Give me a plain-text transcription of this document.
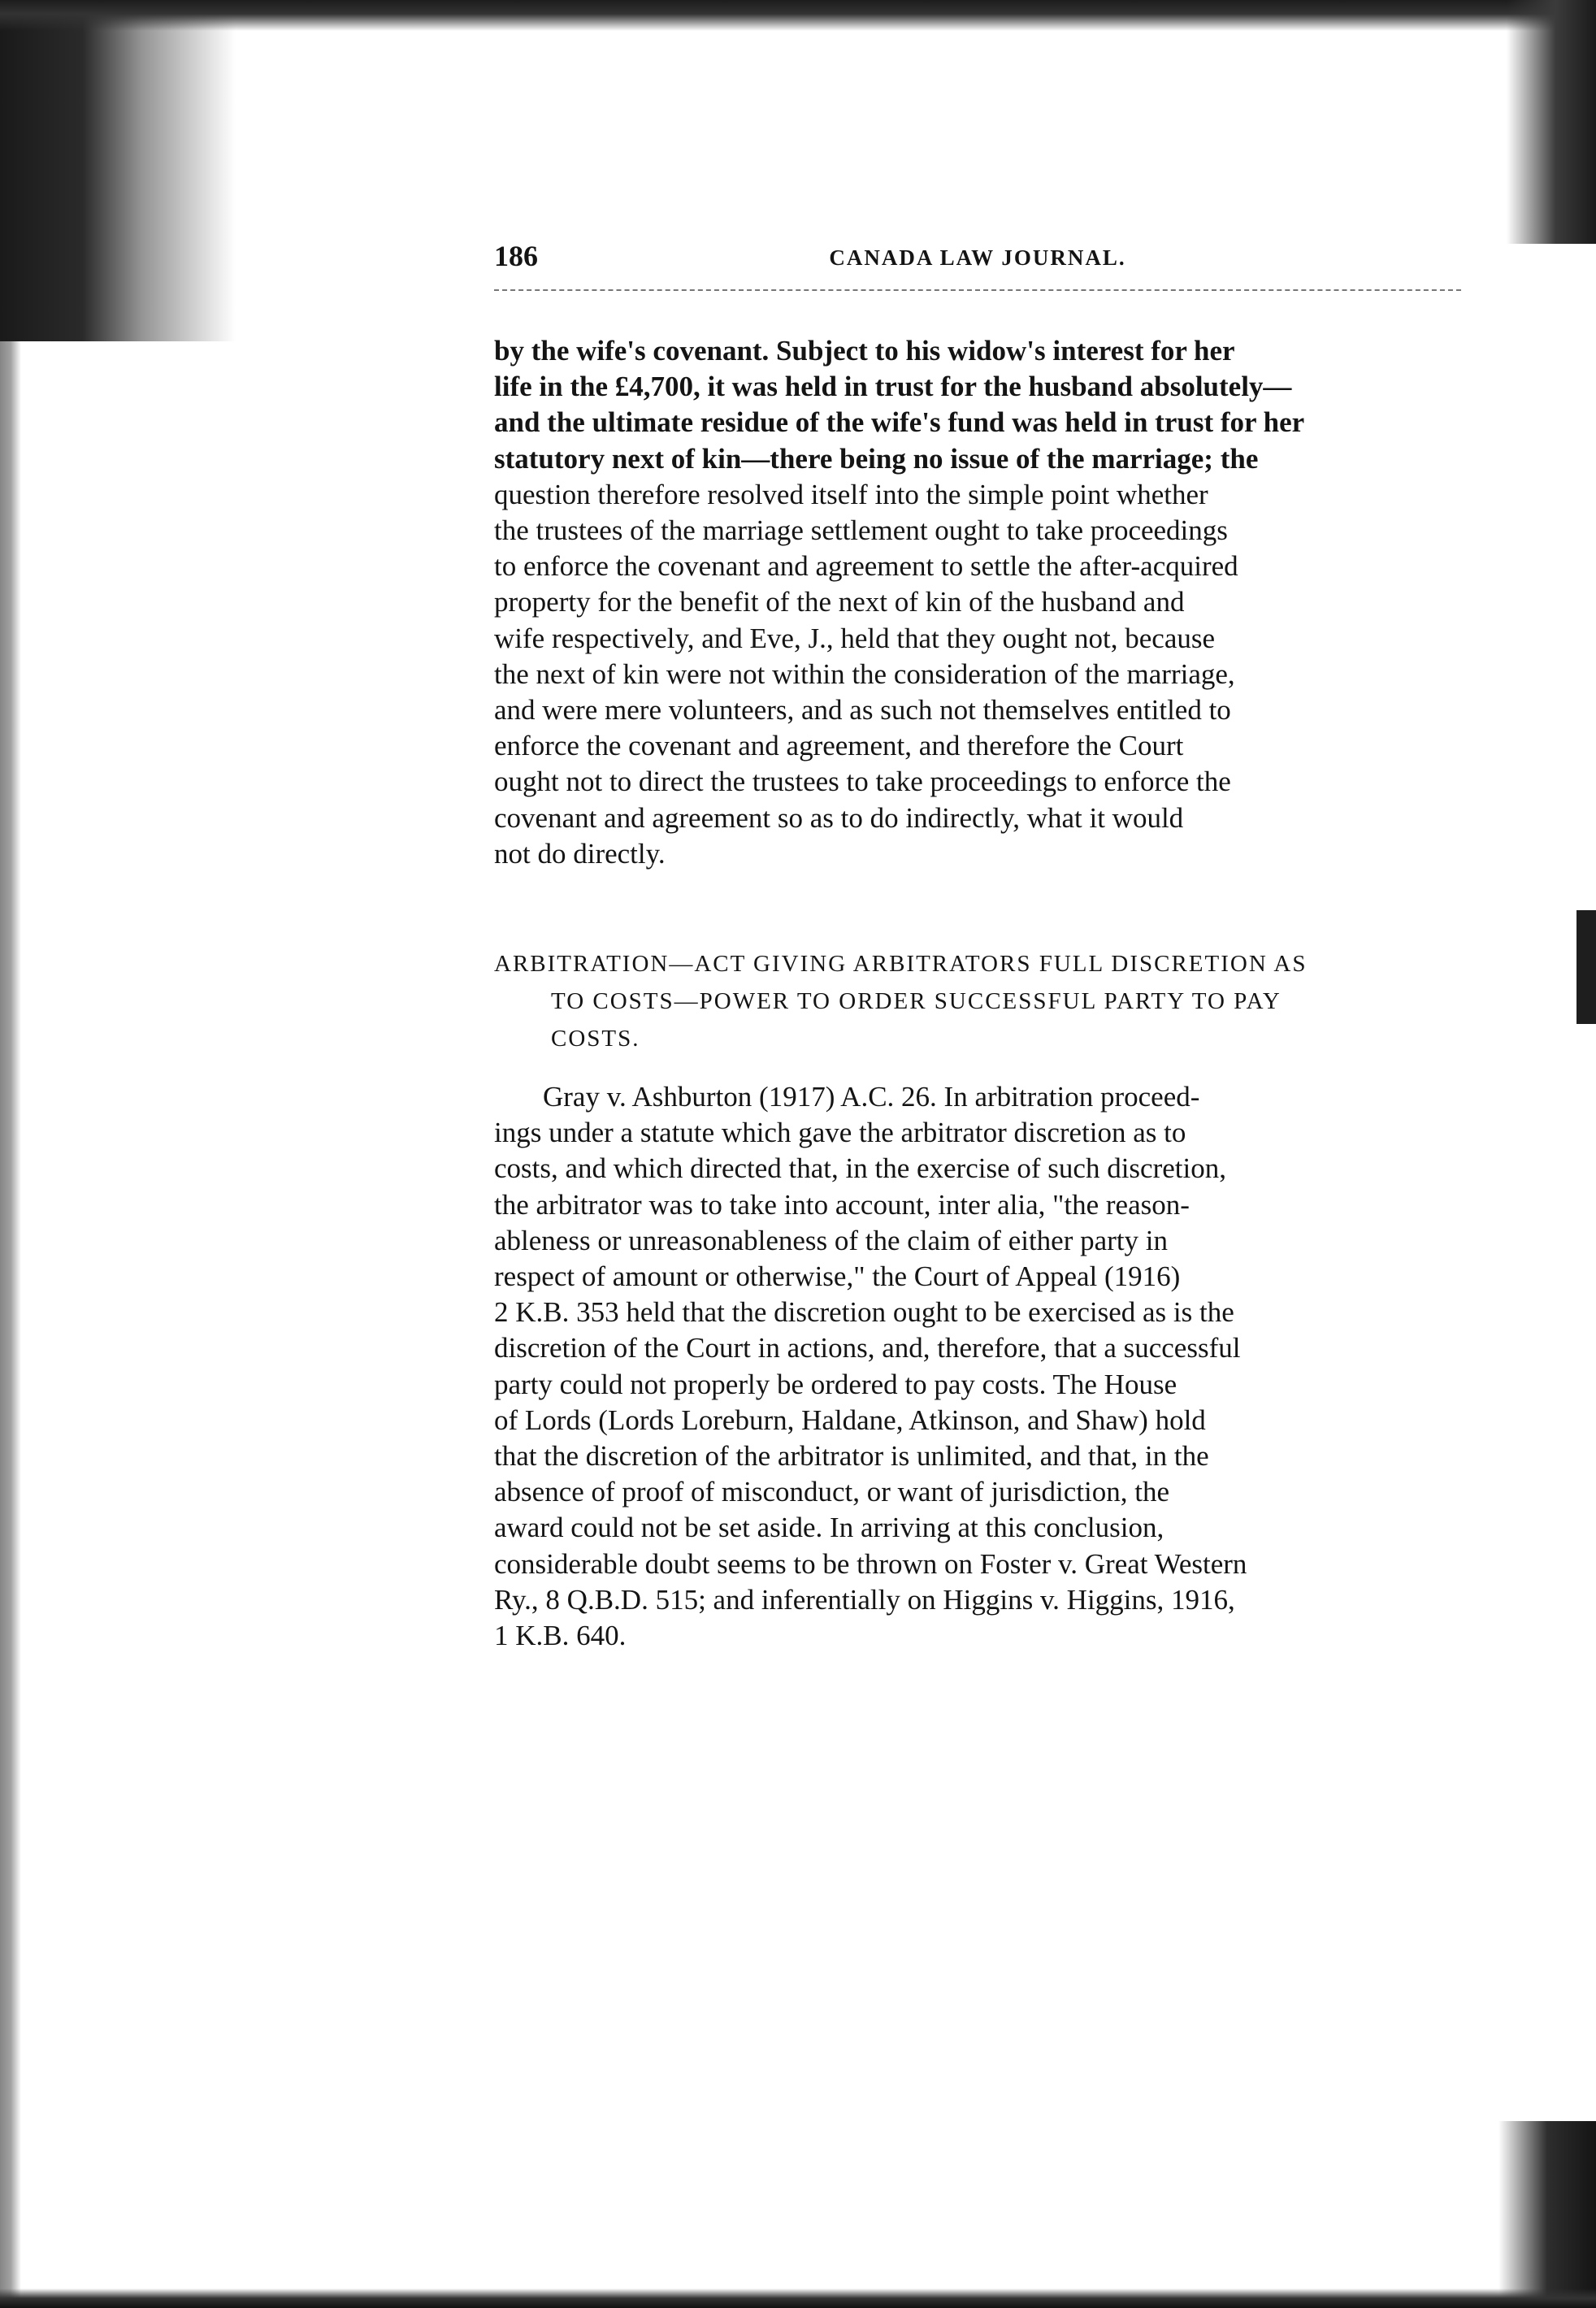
186	CANADA LAW JOURNAL.

by the wife's covenant. Subject to his widow's interest for her

life in the £4,700, it was held in trust for the husband absolutely—

and the ultimate residue of the wife's fund was held in trust for her

statutory next of kin—there being no issue of the marriage; the

question therefore resolved itself into the simple point whether

the trustees of the marriage settlement ought to take proceedings

to enforce the covenant and agreement to settle the after-acquired

property for the benefit of the next of kin of the husband and

wife respectively, and Eve, J., held that they ought not, because

the next of kin were not within the consideration of the marriage,

and were mere volunteers, and as such not themselves entitled to

enforce the covenant and agreement, and therefore the Court

ought not to direct the trustees to take proceedings to enforce the

covenant and agreement so as to do indirectly, what it would

not do directly.

ARBITRATION—ACT GIVING ARBITRATORS FULL DISCRETION AS

TO COSTS—POWER TO ORDER SUCCESSFUL PARTY TO PAY

COSTS.

Gray v. Ashburton (1917) A.C. 26. In arbitration proceed-

ings under a statute which gave the arbitrator discretion as to

costs, and which directed that, in the exercise of such discretion,

the arbitrator was to take into account, inter alia, "the reason-

ableness or unreasonableness of the claim of either party in

respect of amount or otherwise," the Court of Appeal (1916)

2 K.B. 353 held that the discretion ought to be exercised as is the

discretion of the Court in actions, and, therefore, that a successful

party could not properly be ordered to pay costs. The House

of Lords (Lords Loreburn, Haldane, Atkinson, and Shaw) hold

that the discretion of the arbitrator is unlimited, and that, in the

absence of proof of misconduct, or want of jurisdiction, the

award could not be set aside. In arriving at this conclusion,

considerable doubt seems to be thrown on Foster v. Great Western

Ry., 8 Q.B.D. 515; and inferentially on Higgins v. Higgins, 1916,

1 K.B. 640.
